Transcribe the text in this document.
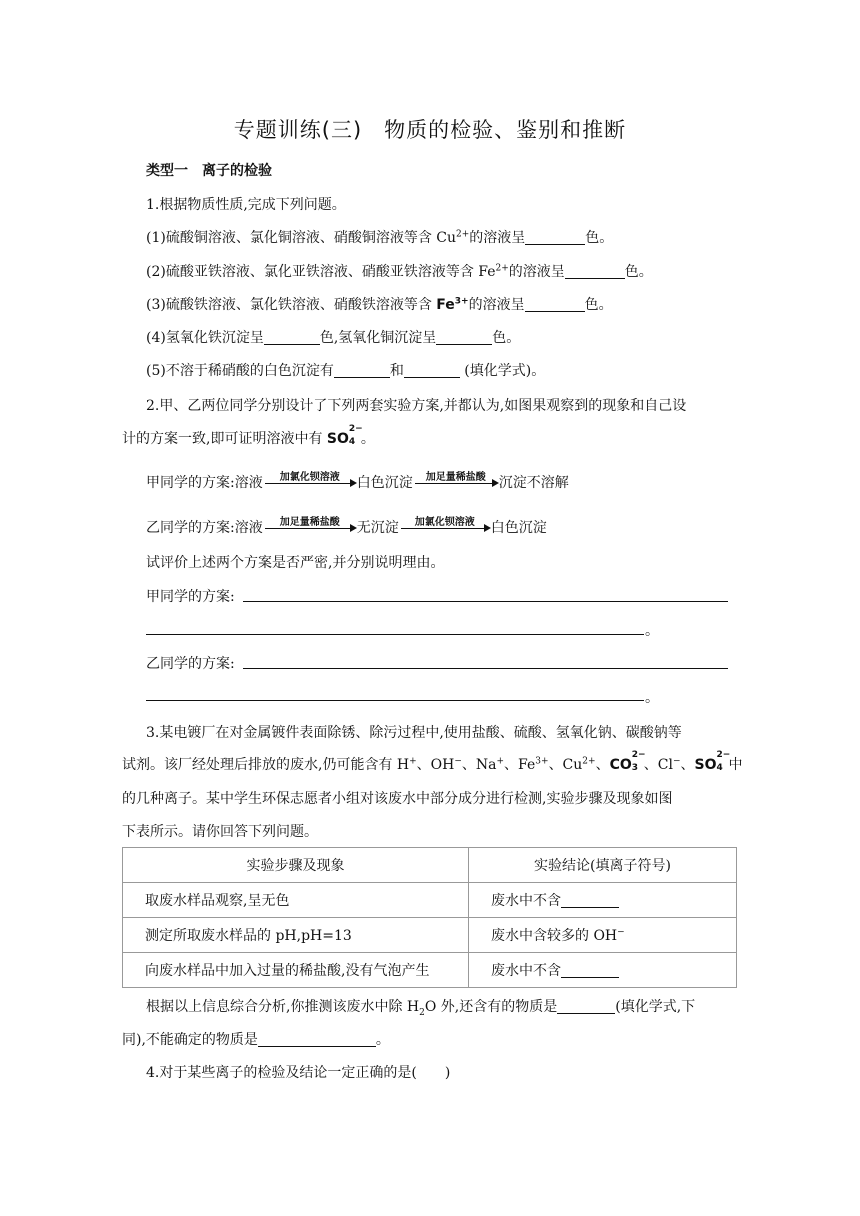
专题训练(三)　物质的检验、鉴别和推断
类型一　离子的检验
1.根据物质性质,完成下列问题。
(1)硫酸铜溶液、氯化铜溶液、硝酸铜溶液等含 $Cu^{2+}$的溶液呈	色。
(2)硫酸亚铁溶液、氯化亚铁溶液、硝酸亚铁溶液等含 $Fe^{2+}$的溶液呈	色。
(3)硫酸铁溶液、氯化铁溶液、硝酸铁溶液等含 $Fe^{3+}$的溶液呈	色。
(4)氢氧化铁沉淀呈	色,氢氧化铜沉淀呈	色。
(5)不溶于稀硝酸的白色沉淀有	和	(填化学式)。
2.甲、乙两位同学分别设计了下列两套实验方案,并都认为,如图果观察到的现象和自己设
计的方案一致,即可证明溶液中有 SO
2−
4 。
甲同学的方案:溶液	加氯化钡溶液	白色沉淀	加足量稀盐酸 沉淀不溶解
乙同学的方案:溶液	加足量稀盐酸	无沉淀	加氯化钡溶液	白色沉淀
试评价上述两个方案是否严密,并分别说明理由。
甲同学的方案:
。
乙同学的方案:
。
3.某电镀厂在对金属镀件表面除锈、除污过程中,使用盐酸、硫酸、氢氧化钠、碳酸钠等
试剂。该厂经处理后排放的废水,仍可能含有 H+、OH−、Na+、$Fe^{3+}$、$Cu^{2+}$、CO
2−
3 、Cl−、SO
2−
4 中
的几种离子。某中学生环保志愿者小组对该废水中部分成分进行检测,实验步骤及现象如图
下表所示。请你回答下列问题。
实验步骤及现象	实验结论(填离子符号)
取废水样品观察,呈无色	废水中不含
测定所取废水样品的 pH,pH=13	废水中含较多的 OH−
向废水样品中加入过量的稀盐酸,没有气泡产生	废水中不含
根据以上信息综合分析,你推测该废水中除 $H_2O$ 外,还含有的物质是	(填化学式,下
同),不能确定的物质是	。
4.对于某些离子的检验及结论一定正确的是(　　)
